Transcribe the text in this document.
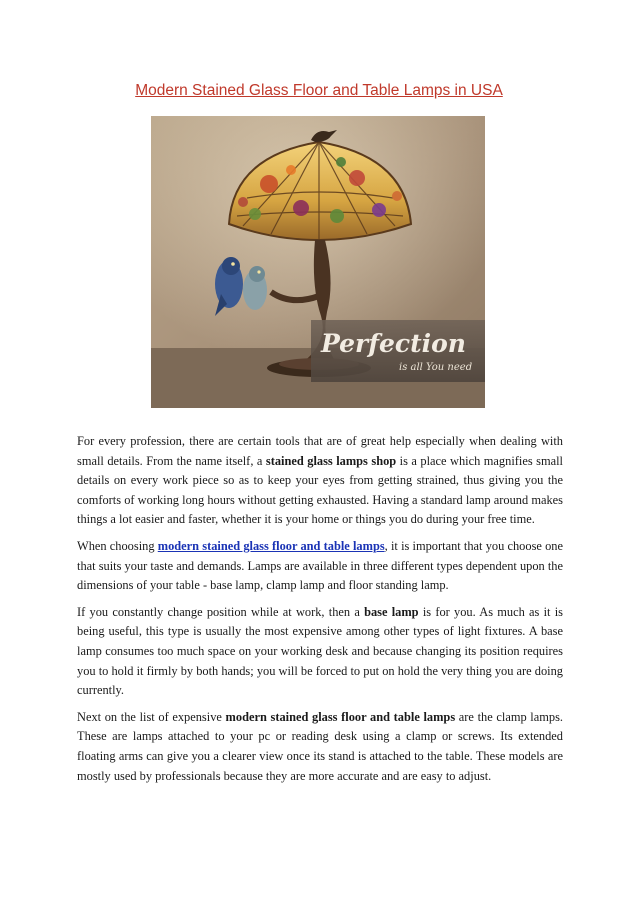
Modern Stained Glass Floor and Table Lamps in USA
Perfection
is all You need

For every profession, there are certain tools that are of great help especially when dealing with small details. From the name itself, a stained glass lamps shop is a place which magnifies small details on every work piece so as to keep your eyes from getting strained, thus giving you the comforts of working long hours without getting exhausted. Having a standard lamp around makes things a lot easier and faster, whether it is your home or things you do during your free time.

When choosing modern stained glass floor and table lamps, it is important that you choose one that suits your taste and demands. Lamps are available in three different types dependent upon the dimensions of your table - base lamp, clamp lamp and floor standing lamp.

If you constantly change position while at work, then a base lamp is for you. As much as it is being useful, this type is usually the most expensive among other types of light fixtures. A base lamp consumes too much space on your working desk and because changing its position requires you to hold it firmly by both hands; you will be forced to put on hold the very thing you are doing currently.

Next on the list of expensive modern stained glass floor and table lamps are the clamp lamps. These are lamps attached to your pc or reading desk using a clamp or screws. Its extended floating arms can give you a clearer view once its stand is attached to the table. These models are mostly used by professionals because they are more accurate and are easy to adjust.
